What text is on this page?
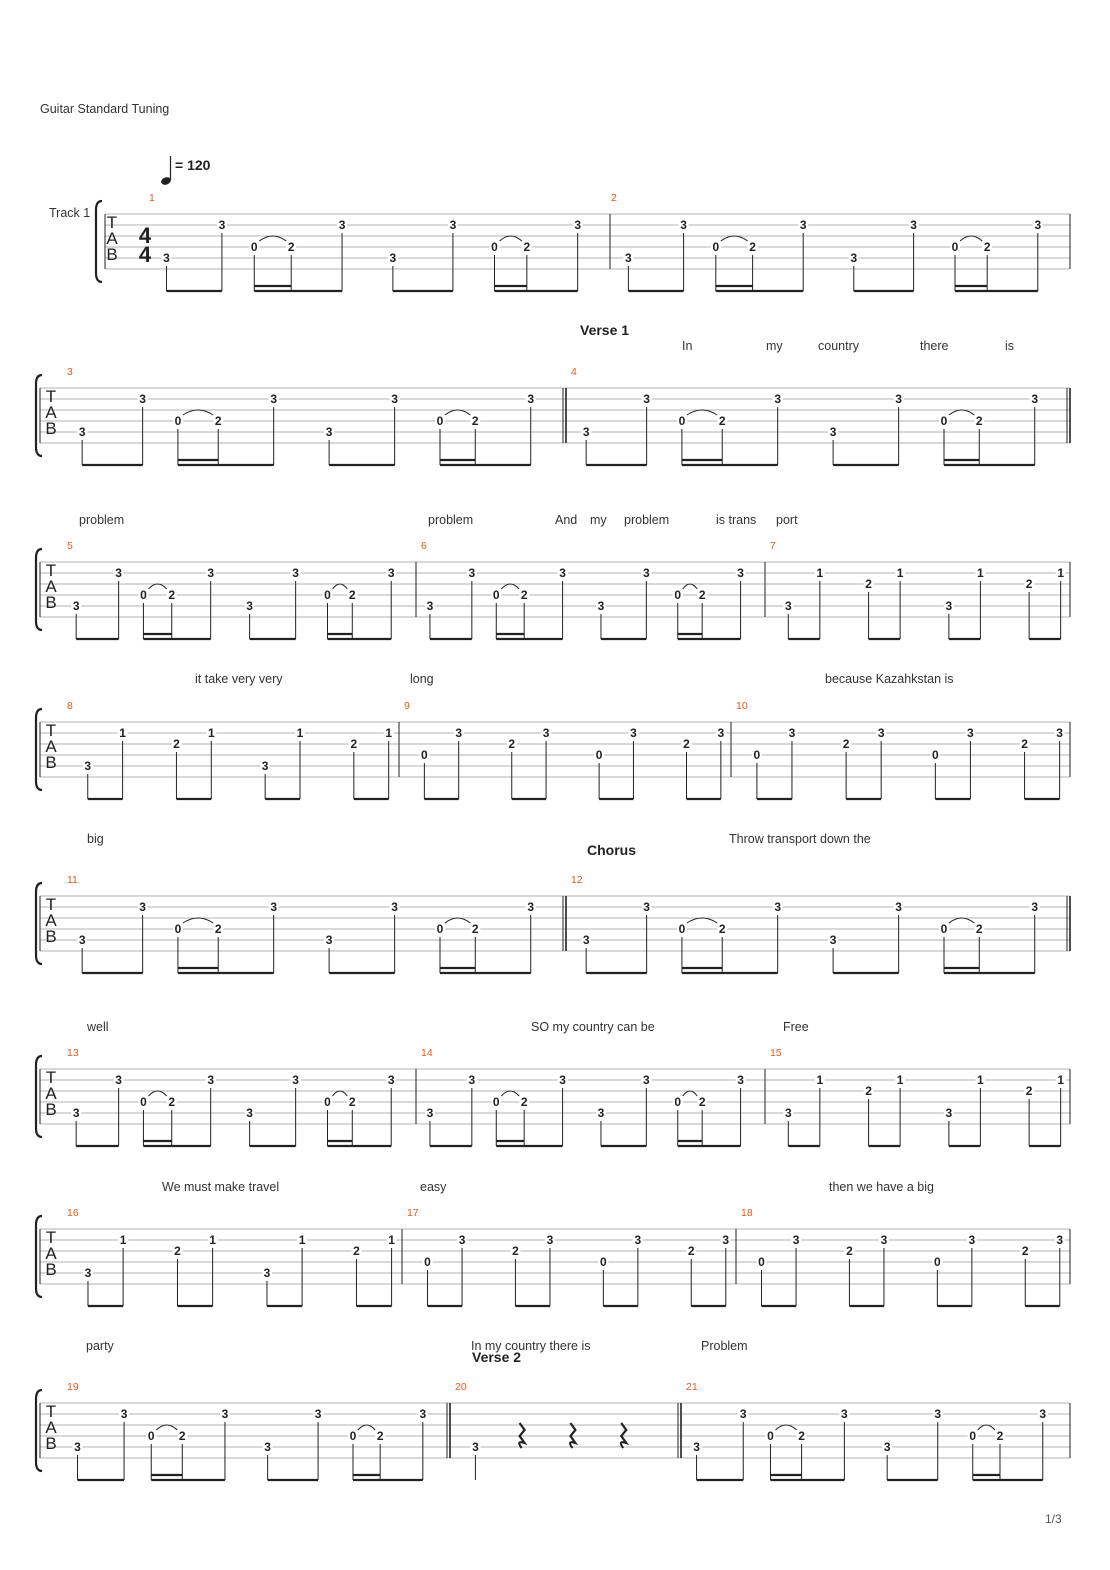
Guitar Standard Tuning
= 120
Track 1 T
A
B
4
4
1
3
3
0	2
3
3
3
0 2
3
2
3
3
0	2
3
3
3
0 2
3
T
A
B
Verse 1
In	my	country	there	is
3
3
3
0	2
3
3
3
0 2
3
4
3
3
0	2
3
3
3
0 2
3
T
A
B
problem	problem	And my problem	is trans port
5
3
3
0 2
3
3
3
0 2
3
6
3
3
0 2
3
3
3
0 2
3
7
3
1
2
1
3
1
2
1
T
A
B
it take very very	long	because Kazahkstan is
8
3
1
2
1
3
1
2
1
9
0
3
2
3
0
3
2
3
10
0
3
2
3
0
3
2
3
T
A
B
Chorus
big	Throw transport down the
11
3
3
0	2
3
3
3
0 2
3
12
3
3
0	2
3
3
3
0 2
3
T
A
B
well	SO my country can be	Free
13
3
3
0 2
3
3
3
0 2
3
14
3
3
0 2
3
3
3
0 2
3
15
3
1
2
1
3
1
2
1
T
A
B
We must make travel	easy	then we have a big
16
3
1
2
1
3
1
2
1
17
0
3
2
3
0
3
2
3
18
0
3
2
3
0
3
2
3
T
A
B
Verse 2
party	In my country there is	Problem
19
3
3
0 2
3
3
3
0 2
3
20
3
21
3
3
0 2
3
3
3
0 2
3
1/3
